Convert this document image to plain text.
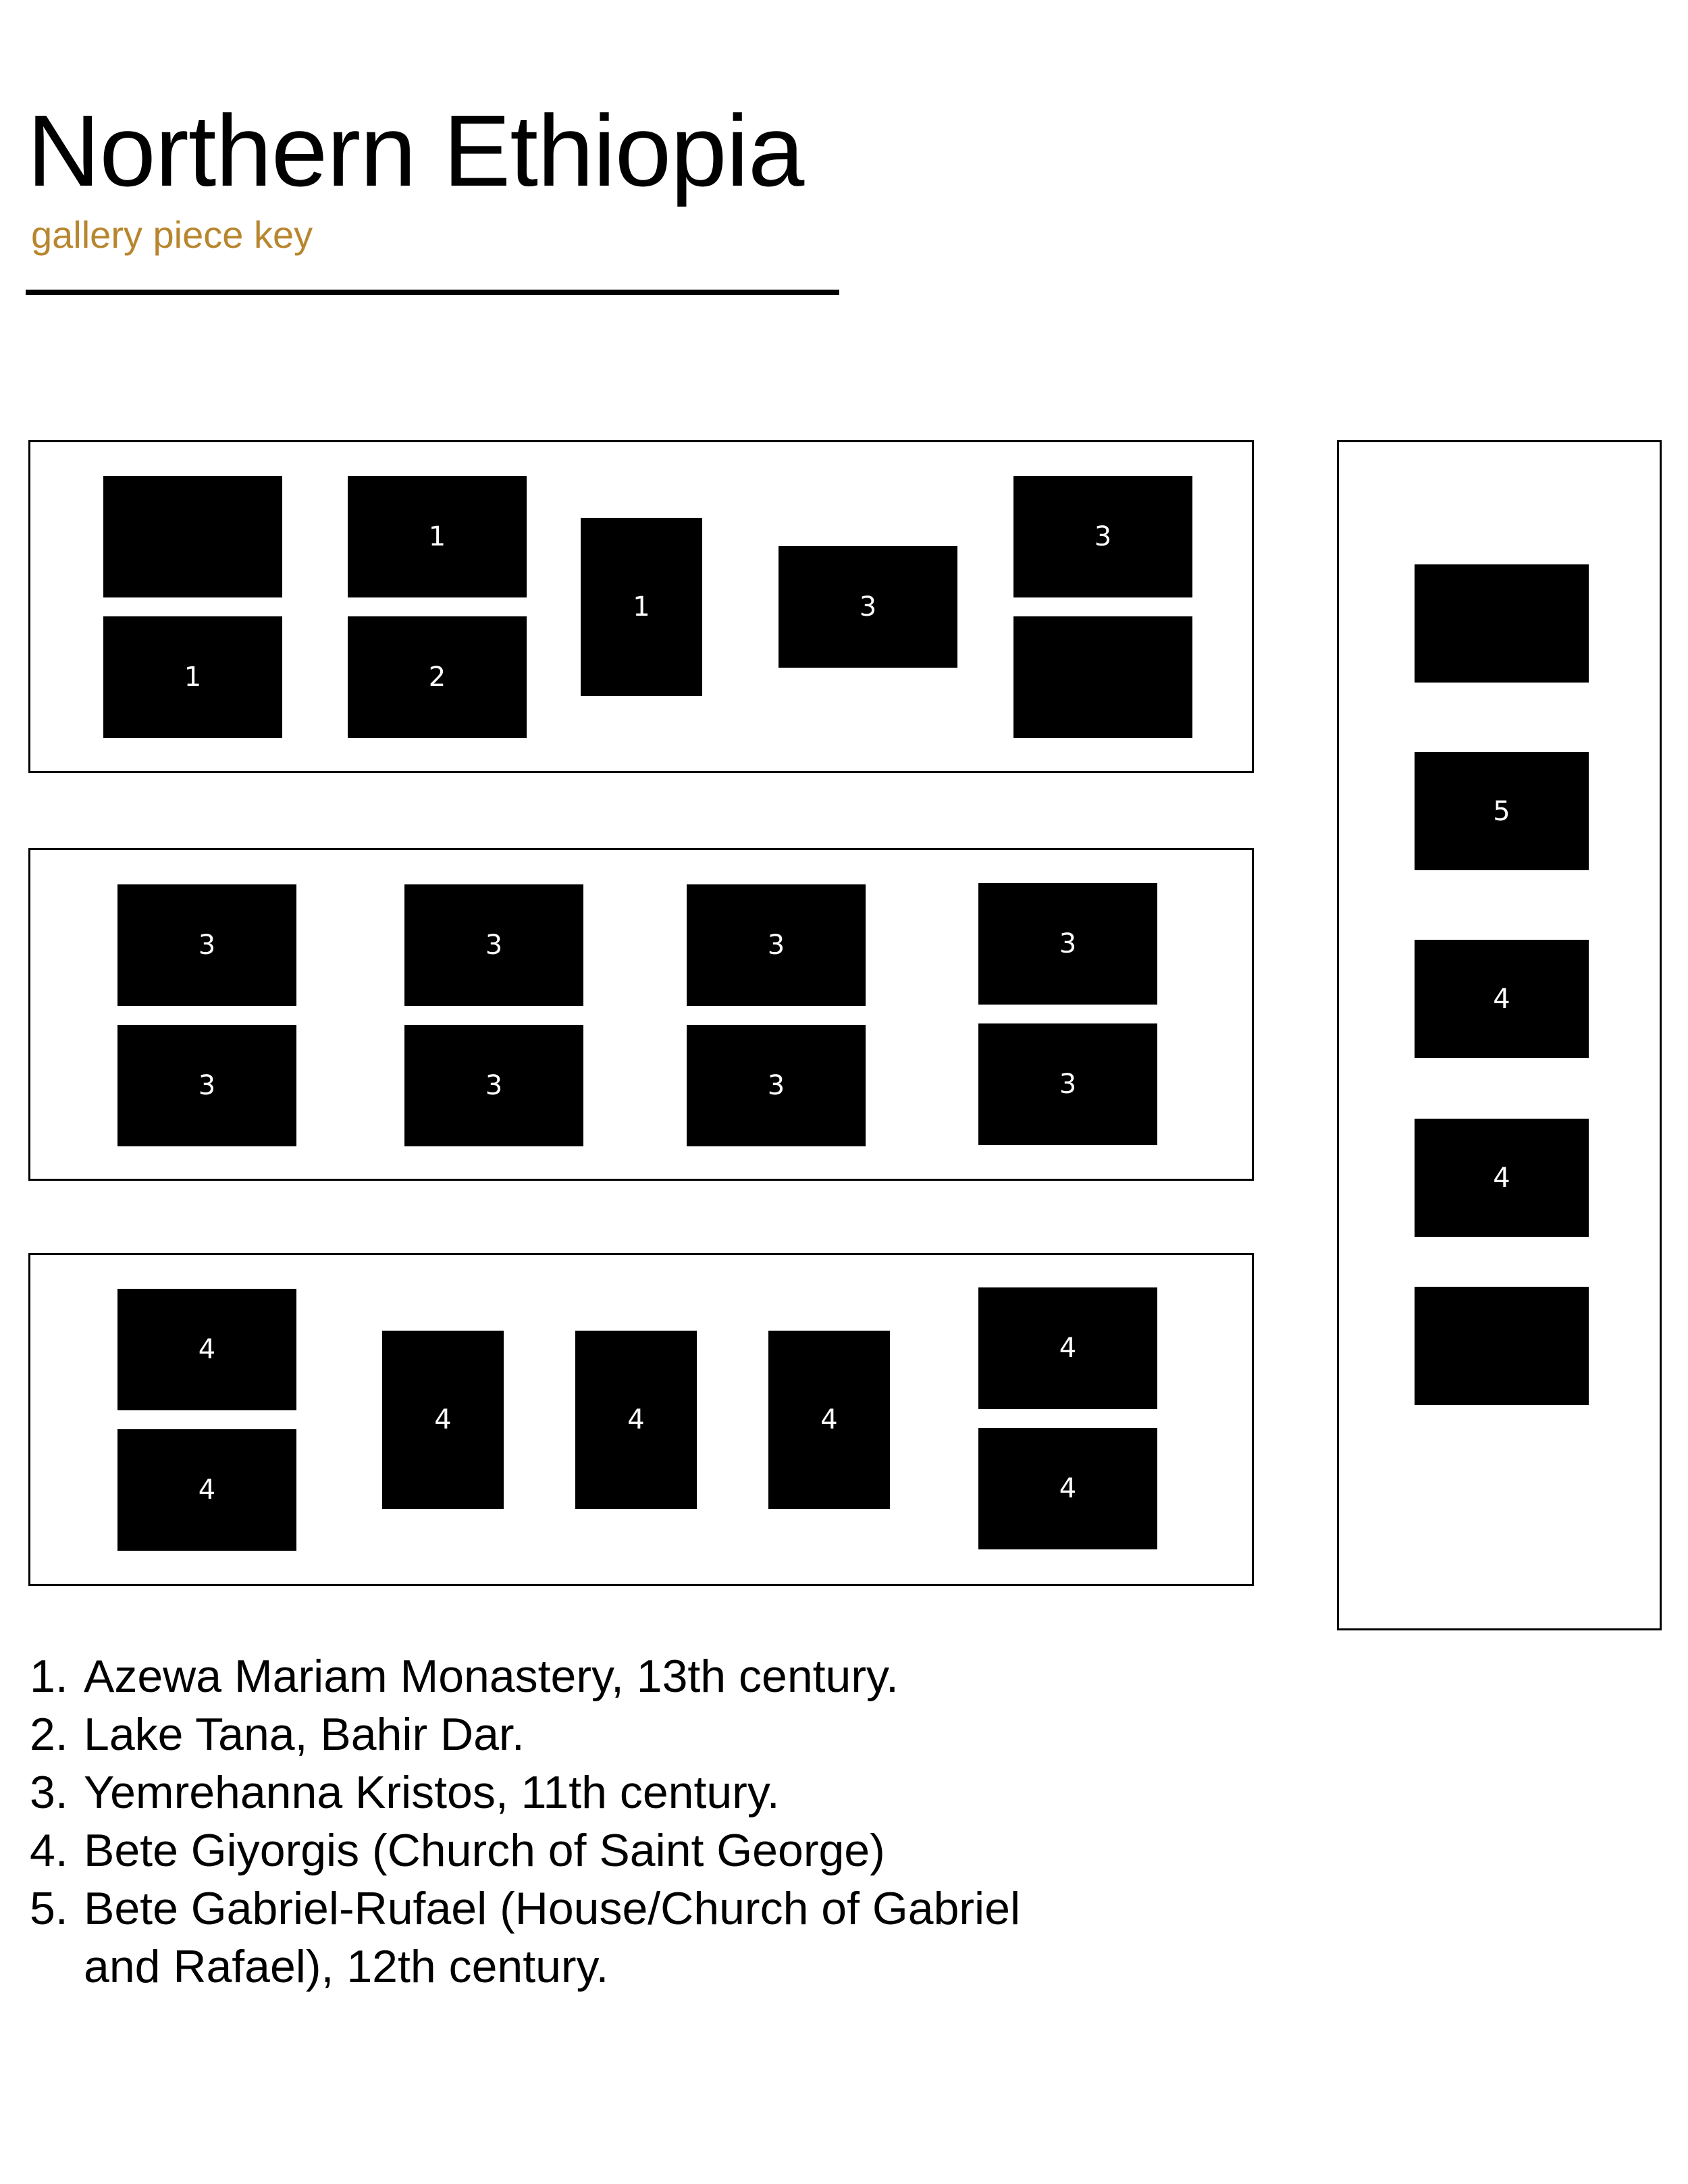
Northern Ethiopia
gallery piece key
1
1
2
1	3
3
3
3
3
3
3
3
3
3
4
4
4	4	4
4
4
5
4
4
1. Azewa Mariam Monastery, 13th century.
2. Lake Tana, Bahir Dar.
3. Yemrehanna Kristos, 11th century.
4. Bete Giyorgis (Church of Saint George)
5. Bete Gabriel-Rufael (House/Church of Gabriel
and Rafael), 12th century.
